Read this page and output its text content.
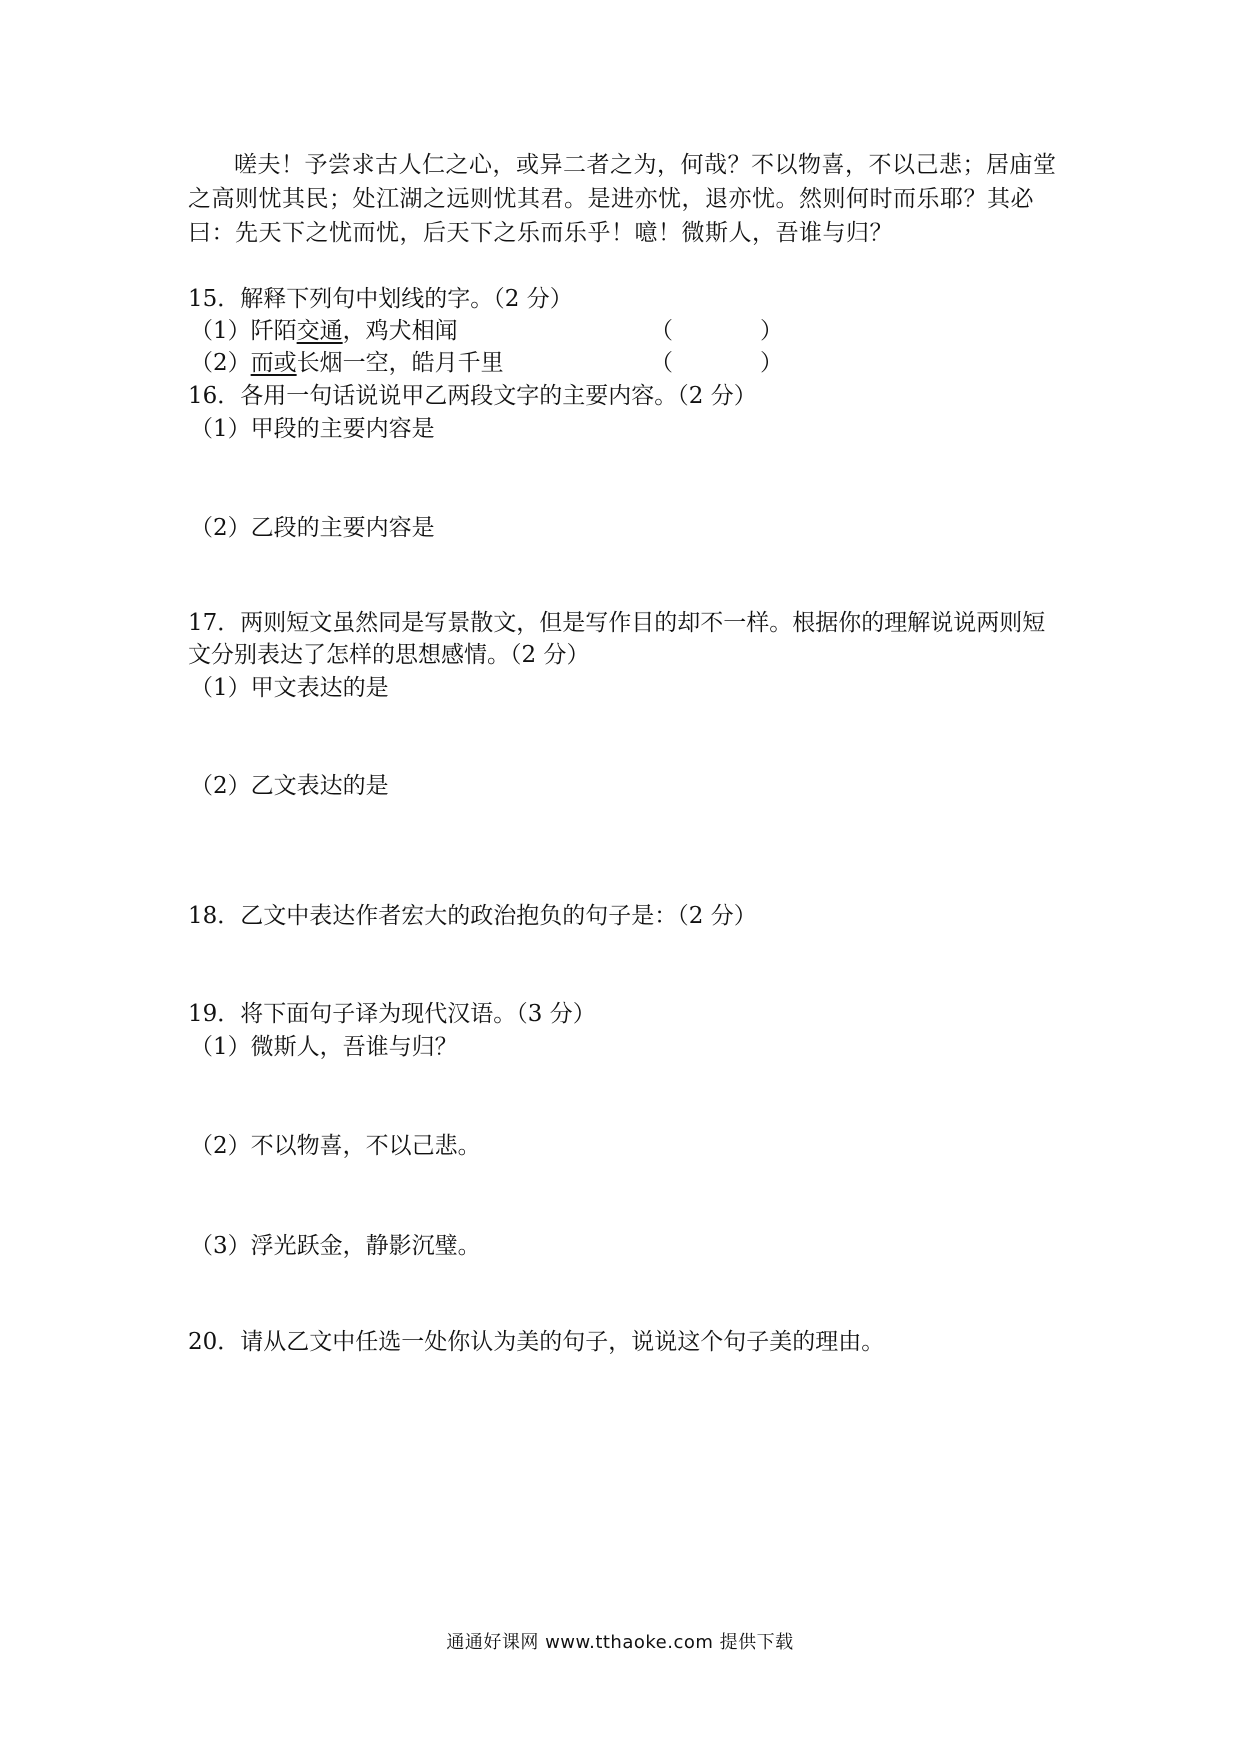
嗟夫！予尝求古人仁之心，或异二者之为，何哉？不以物喜，不以己悲；居庙堂之高则忧其民；处江湖之远则忧其君。是进亦忧，退亦忧。然则何时而乐耶？其必曰：先天下之忧而忧，后天下之乐而乐乎！噫！微斯人，吾谁与归？

15．解释下列句中划线的字。（2 分）

（1）阡陌交通，鸡犬相闻	（	）

（2）而或长烟一空，皓月千里	（	）

16．各用一句话说说甲乙两段文字的主要内容。（2 分）

（1）甲段的主要内容是

（2）乙段的主要内容是

17．两则短文虽然同是写景散文，但是写作目的却不一样。根据你的理解说说两则短文分别表达了怎样的思想感情。（2 分）

（1）甲文表达的是

（2）乙文表达的是

18．乙文中表达作者宏大的政治抱负的句子是：（2 分）

19．将下面句子译为现代汉语。（3 分）

（1）微斯人，吾谁与归？

（2）不以物喜，不以己悲。

（3）浮光跃金，静影沉璧。

20．请从乙文中任选一处你认为美的句子，说说这个句子美的理由。

通通好课网 www.tthaoke.com 提供下载
